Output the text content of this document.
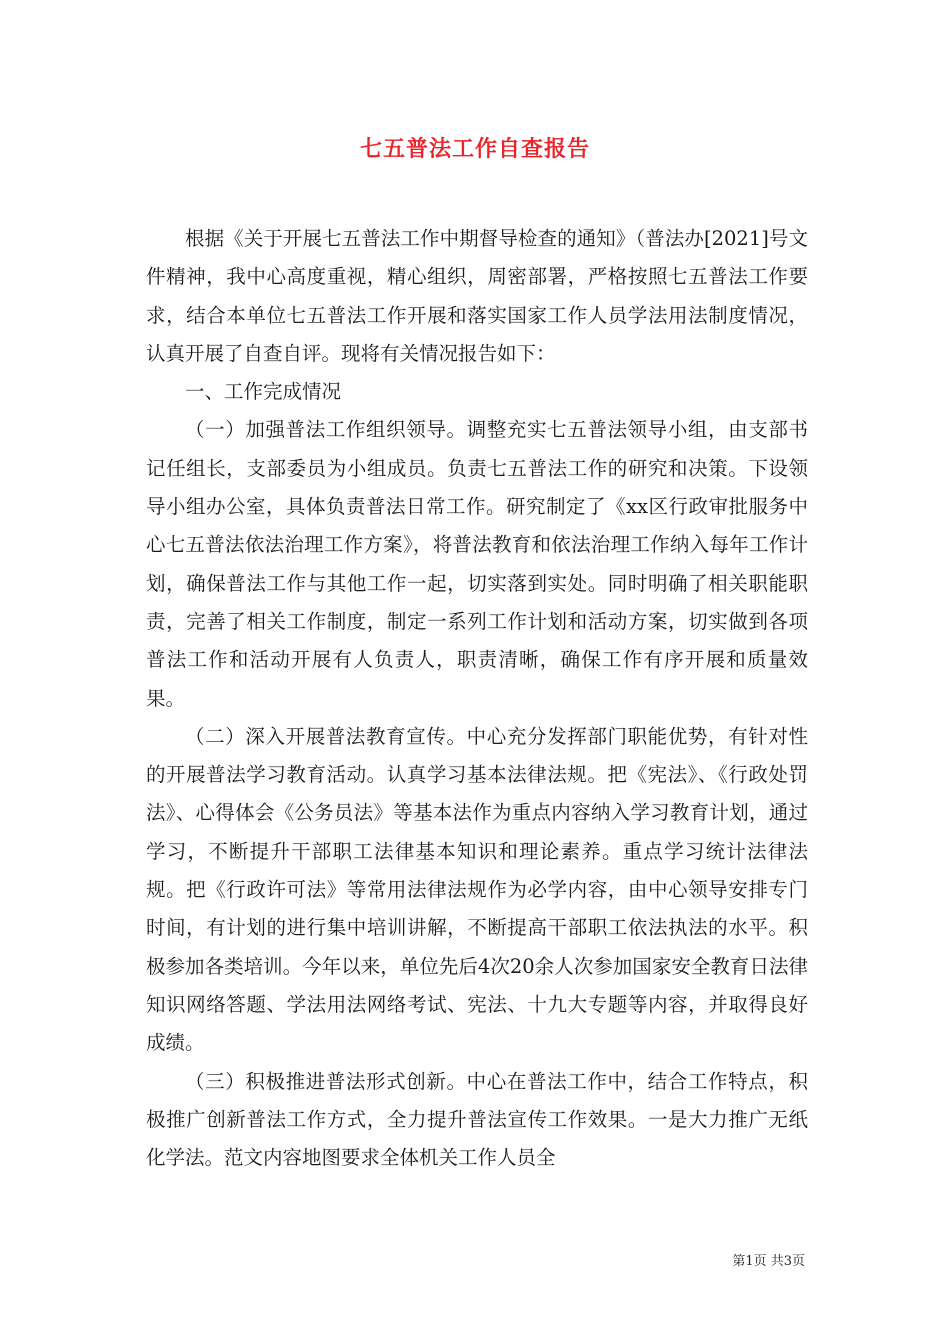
七五普法工作自查报告

根据《关于开展七五普法工作中期督导检查的通知》（普法办[2021]号文件精神，我中心高度重视，精心组织，周密部署，严格按照七五普法工作要求，结合本单位七五普法工作开展和落实国家工作人员学法用法制度情况，认真开展了自查自评。现将有关情况报告如下：

一、工作完成情况

（一）加强普法工作组织领导。调整充实七五普法领导小组，由支部书记任组长，支部委员为小组成员。负责七五普法工作的研究和决策。下设领导小组办公室，具体负责普法日常工作。研究制定了《xx区行政审批服务中心七五普法依法治理工作方案》，将普法教育和依法治理工作纳入每年工作计划，确保普法工作与其他工作一起，切实落到实处。同时明确了相关职能职责，完善了相关工作制度，制定一系列工作计划和活动方案，切实做到各项普法工作和活动开展有人负责人，职责清晰，确保工作有序开展和质量效果。

（二）深入开展普法教育宣传。中心充分发挥部门职能优势，有针对性的开展普法学习教育活动。认真学习基本法律法规。把《宪法》、《行政处罚法》、心得体会《公务员法》等基本法作为重点内容纳入学习教育计划，通过学习，不断提升干部职工法律基本知识和理论素养。重点学习统计法律法规。把《行政许可法》等常用法律法规作为必学内容，由中心领导安排专门时间，有计划的进行集中培训讲解，不断提高干部职工依法执法的水平。积极参加各类培训。今年以来，单位先后4次20余人次参加国家安全教育日法律知识网络答题、学法用法网络考试、宪法、十九大专题等内容，并取得良好成绩。

（三）积极推进普法形式创新。中心在普法工作中，结合工作特点，积极推广创新普法工作方式，全力提升普法宣传工作效果。一是大力推广无纸化学法。范文内容地图要求全体机关工作人员全

第1页 共3页
